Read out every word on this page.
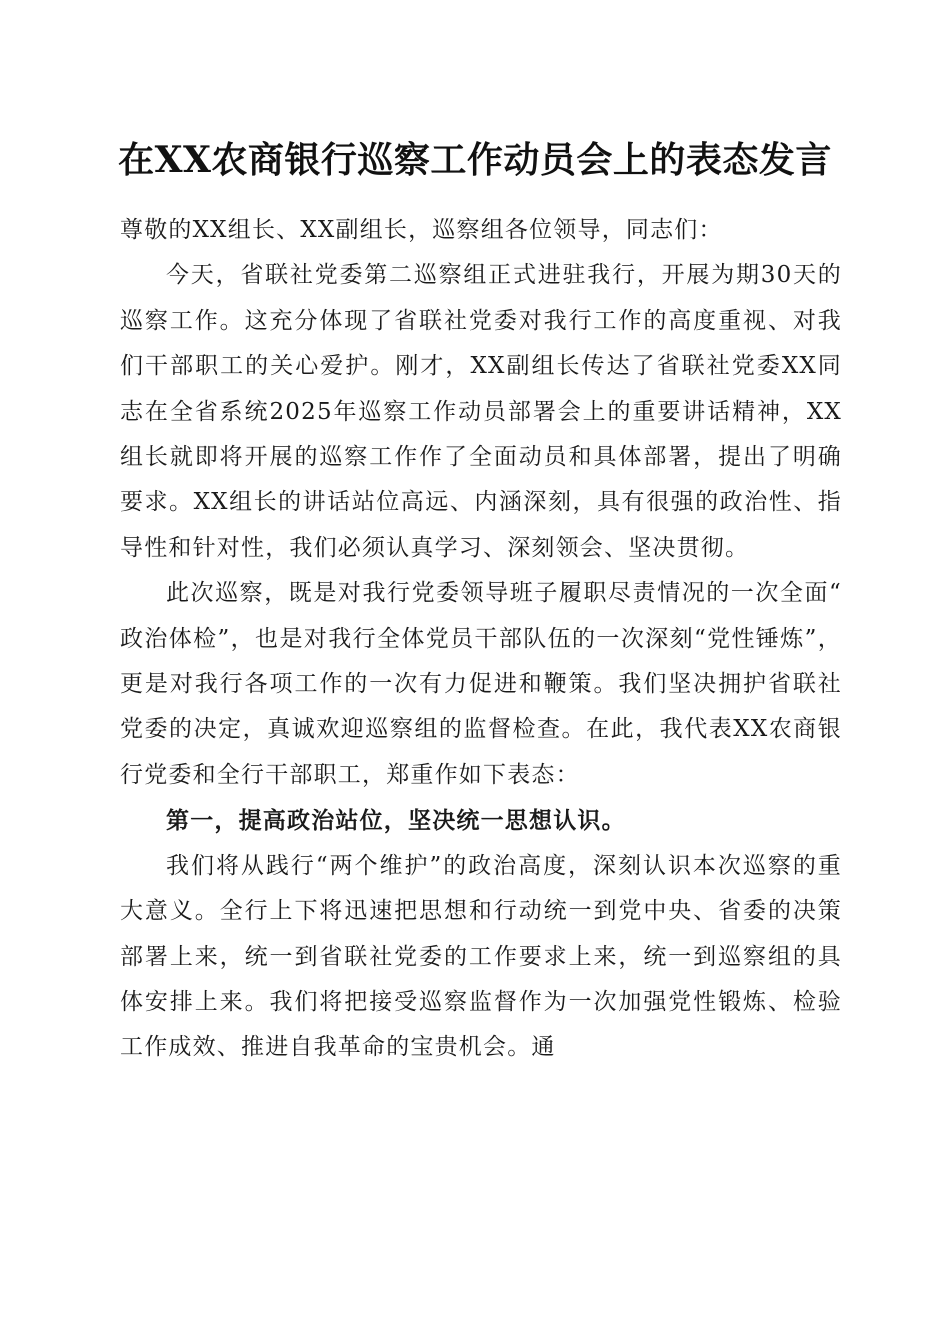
在XX农商银行巡察工作动员会上的表态发言

尊敬的XX组长、XX副组长，巡察组各位领导，同志们：

今天，省联社党委第二巡察组正式进驻我行，开展为期30天的巡察工作。这充分体现了省联社党委对我行工作的高度重视、对我们干部职工的关心爱护。刚才，XX副组长传达了省联社党委XX同志在全省系统2025年巡察工作动员部署会上的重要讲话精神，XX组长就即将开展的巡察工作作了全面动员和具体部署，提出了明确要求。XX组长的讲话站位高远、内涵深刻，具有很强的政治性、指导性和针对性，我们必须认真学习、深刻领会、坚决贯彻。

此次巡察，既是对我行党委领导班子履职尽责情况的一次全面“政治体检”，也是对我行全体党员干部队伍的一次深刻“党性锤炼”，更是对我行各项工作的一次有力促进和鞭策。我们坚决拥护省联社党委的决定，真诚欢迎巡察组的监督检查。在此，我代表XX农商银行党委和全行干部职工，郑重作如下表态：

第一，提高政治站位，坚决统一思想认识。

我们将从践行“两个维护”的政治高度，深刻认识本次巡察的重大意义。全行上下将迅速把思想和行动统一到党中央、省委的决策部署上来，统一到省联社党委的工作要求上来，统一到巡察组的具体安排上来。我们将把接受巡察监督作为一次加强党性锻炼、检验工作成效、推进自我革命的宝贵机会。通
